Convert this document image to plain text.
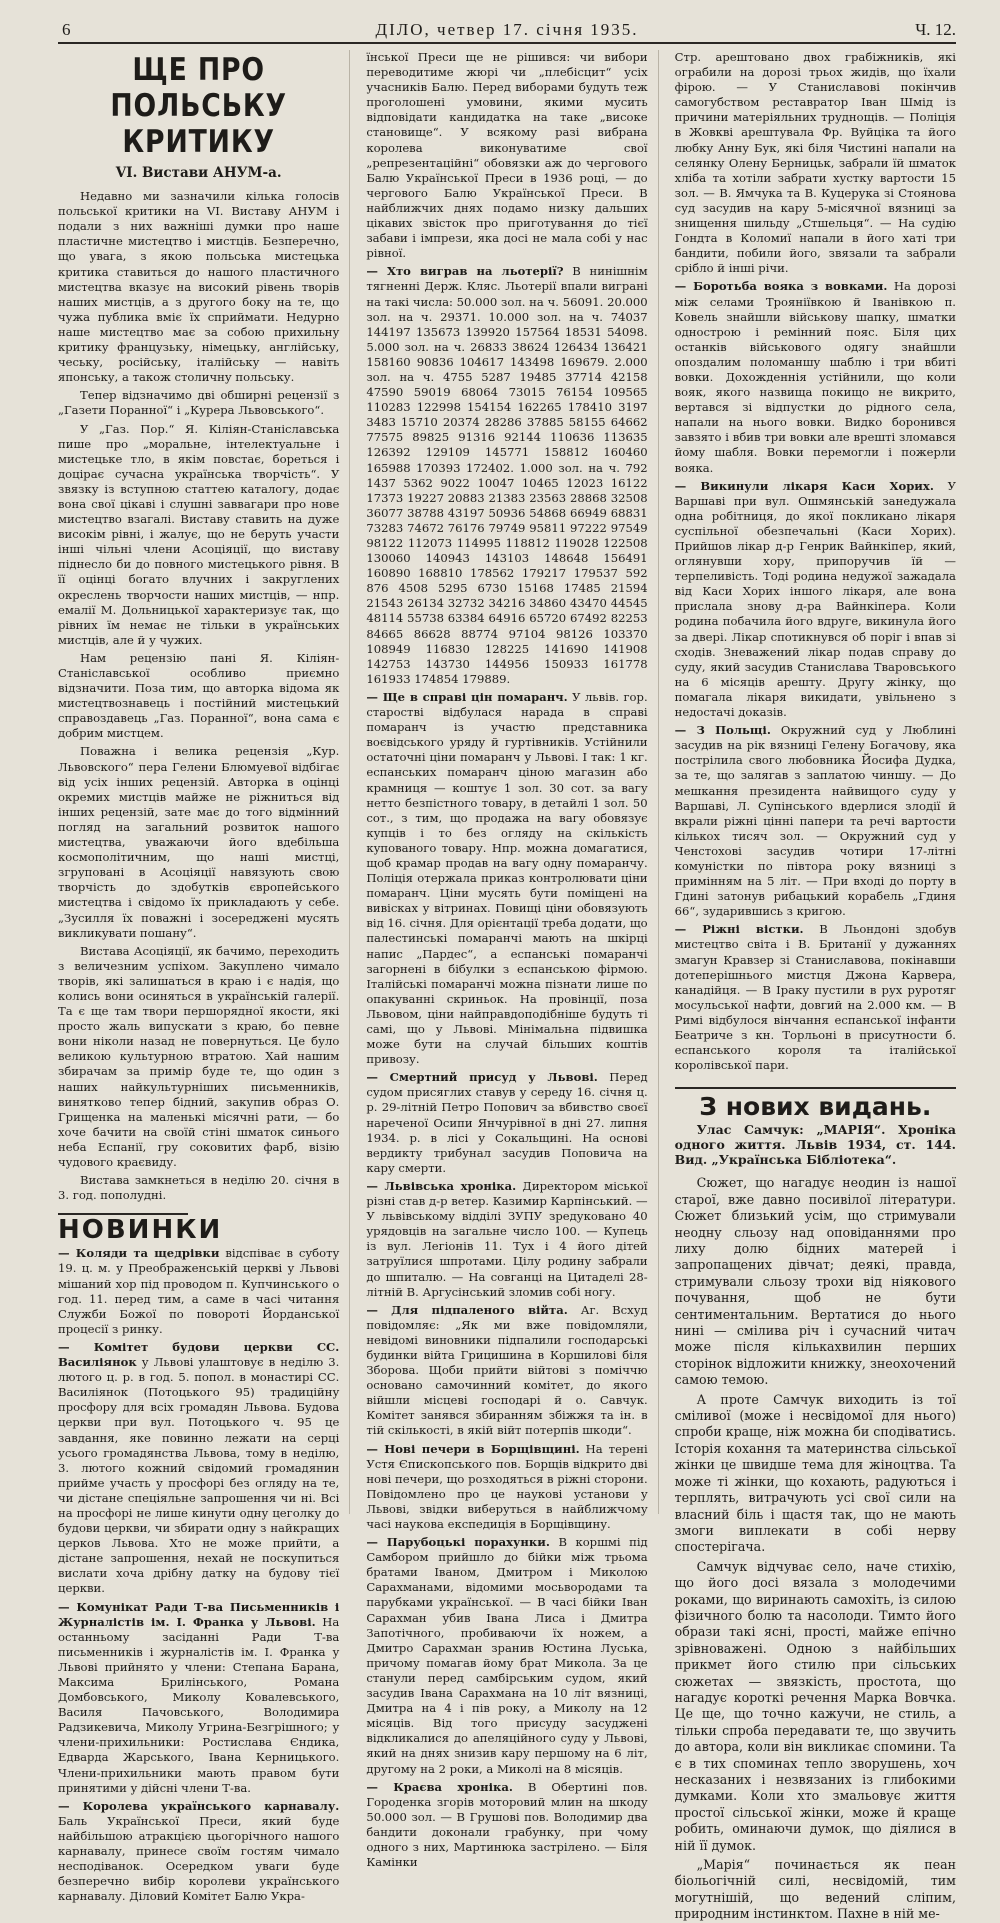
6	ДІЛО, четвер 17. січня 1935.	Ч. 12.
ЩЕ ПРО ПОЛЬСЬКУ КРИТИКУ
VI. Вистави АНУМ-а.

Недавно ми зазначили кілька голосів польської критики на VI. Виставу АНУМ і подали з них важніші думки про наше пластичне мистецтво і мистців. Безперечно, що увага, з якою польська мистецька критика ставиться до нашого пластичного мистецтва вказує на високий рівень творів наших мистців, а з другого боку на те, що чужа публика вміє їх сприймати. Недурно наше мистецтво має за собою прихильну критику французьку, німецьку, англійську, чеську, російську, італійську — навіть японську, а також столичну польську.

Тепер відзначимо дві обширні рецензії з „Газети Поранної“ і „Курера Львовського“.

У „Газ. Пор.“ Я. Кіліян-Станіславська пише про „моральне, інтелектуальне і мистецьке тло, в якім повстає, бореться і доцірає сучасна українська творчість“. У звязку із вступною статтею каталогу, додає вона свої цікаві і слушні заввагари про нове мистецтво взагалі. Виставу ставить на дуже високім рівні, і жалує, що не беруть участи інші чільні члени Асоціяції, що виставу піднесло би до повного мистецького рівня. В її оцінці богато влучних і закруглених окреслень творчости наших мистців, — нпр. емалії М. Дольницької характеризує так, що рівних їм немає не тільки в українських мистців, але й у чужих.

Нам рецензію пані Я. Кіліян-Станіславської особливо приємно відзначити. Поза тим, що авторка відома як мистецтвознавець і постійний мистецький справоздавець „Газ. Поранної“, вона сама є добрим мистцем.

Поважна і велика рецензія „Кур. Львовского“ пера Гелени Блюмуевої відбігає від усіх інших рецензій. Авторка в оцінці окремих мистців майже не ріжниться від інших рецензій, зате має до того відмінний погляд на загальний розвиток нашого мистецтва, уважаючи його вдебільша космополітичним, що наші мистці, згруповані в Асоціяції навязують свою творчість до здобутків європейського мистецтва і свідомо їх прикладають у себе. „Зусилля їх поважні і зосереджені мусять викликувати пошану“.

Вистава Асоціяції, як бачимо, переходить з величезним успіхом. Закуплено чимало творів, які залишаться в краю і є надія, що колись вони осиняться в українській галерії. Та є ще там твори першорядної якости, які просто жаль випускати з краю, бо певне вони ніколи назад не повернуться. Це було великою культурною втратою. Хай нашим збирачам за примір буде те, що один з наших найкультурніших письменників, винятково тепер бідний, закупив образ О. Грищенка на маленькі місячні рати, — бо хоче бачити на своїй стіні шматок синього неба Еспанії, гру соковитих фарб, візію чудового краєвиду.

Вистава замкнеться в неділю 20. січня в 3. год. пополудні.

НОВИНКИ

— Коляди та щедрівки відспіває в суботу 19. ц. м. у Преображенській церкві у Львові мішаний хор під проводом п. Купчинського о год. 11. перед тим, а саме в часі читання Служби Божої по повороті Йорданської процесії з ринку.

— Комітет будови церкви СС. Василіянок у Львові улаштовує в неділю 3. лютого ц. р. в год. 5. попол. в монастирі СС. Василіянок (Потоцького 95) традиційну просфору для всіх громадян Львова. Будова церкви при вул. Потоцького ч. 95 це завдання, яке повинно лежати на серці усього громадянства Львова, тому в неділю, 3. лютого кожний свідомий громадянин прийме участь у просфорі без огляду на те, чи дістане спеціяльне запрошення чи ні. Всі на просфорі не лише кинути одну цеголку до будови церкви, чи збирати одну з найкращих церков Львова. Хто не може прийти, а дістане запрошення, нехай не поскупиться вислати хоча дрібну датку на будову тієї церкви.

— Комунікат Ради Т-ва Письменників і Журналістів ім. І. Франка у Львові. На останньому засіданні Ради Т-ва письменників і журналістів ім. І. Франка у Львові прийнято у члени: Степана Барана, Максима Брилінського, Романа Домбовського, Миколу Ковалевського, Василя Пачовського, Володимира Радзикевича, Миколу Угрина-Безгрішного; у члени-прихильники: Ростислава Єндика, Едварда Жарського, Івана Керницького. Члени-прихильники мають правом бути принятими у дійсні члени Т-ва.

— Королева українського карнавалу. Баль Української Преси, який буде найбільшою атракцією цьогорічного нашого карнавалу, принесе своїм гостям чимало несподіванок. Осередком уваги буде безперечно вибір королеви українського карнавалу. Діловий Комітет Балю Укра-

їнської Преси ще не рішився: чи вибори переводитиме жюрі чи „плебісцит“ усіх учасників Балю. Перед виборами будуть теж проголошені умовини, якими мусить відповідати кандидатка на таке „високе становище“. У всякому разі вибрана королева виконуватиме свої „репрезентаційні“ обовязки аж до чергового Балю Української Преси в 1936 році, — до чергового Балю Української Преси. В найближчих днях подамо низку дальших цікавих звісток про приготування до тієї забави і імпрези, яка досі не мала собі у нас рівної.

— Хто виграв на льотерії? В нинішнім тягненні Держ. Кляс. Льотерії впали виграні на такі числа: 50.000 зол. на ч. 56091. 20.000 зол. на ч. 29371. 10.000 зол. на ч. 74037 144197 135673 139920 157564 18531 54098. 5.000 зол. на ч. 26833 38624 126434 136421 158160 90836 104617 143498 169679. 2.000 зол. на ч. 4755 5287 19485 37714 42158 47590 59019 68064 73015 76154 109565 110283 122998 154154 162265 178410 3197 3483 15710 20374 28286 37885 58155 64662 77575 89825 91316 92144 110636 113635 126392 129109 145771 158812 160460 165988 170393 172402. 1.000 зол. на ч. 792 1437 5362 9022 10047 10465 12023 16122 17373 19227 20883 21383 23563 28868 32508 36077 38788 43197 50936 54868 66949 68831 73283 74672 76176 79749 95811 97222 97549 98122 112073 114995 118812 119028 122508 130060 140943 143103 148648 156491 160890 168810 178562 179217 179537 592 876 4508 5295 6730 15168 17485 21594 21543 26134 32732 34216 34860 43470 44545 48114 55738 63384 64916 65720 67492 82253 84665 86628 88774 97104 98126 103370 108949 116830 128225 141690 141908 142753 143730 144956 150933 161778 161933 174854 179889.

— Ще в справі цін помаранч. У львів. гор. старостві відбулася нарада в справі помаранч із участю представника воєвідського уряду й гуртівників. Устійнили остаточні ціни помаранч у Львові. І так: 1 кг. еспанських помаранч ціною магазин або крамниця — коштує 1 зол. 30 сот. за вагу нетто безпістного товару, в детайлі 1 зол. 50 сот., з тим, що продажа на вагу обовязує купців і то без огляду на скількість купованого товару. Нпр. можна домагатися, щоб крамар продав на вагу одну помаранчу. Поліція отержала приказ контролювати ціни помаранч. Ціни мусять бути поміщені на вивісках у вітринах. Повищі ціни обовязують від 16. січня. Для орієнтації треба додати, що палестинські помаранчі мають на шкірці напис „Пардес“, а еспанські помаранчі загорнені в бібулки з еспанською фірмою. Італійські помаранчі можна пізнати лише по опакуванні скриньок. На провінції, поза Львовом, ціни найправдоподібніше будуть ті самі, що у Львові. Мінімальна підвишка може бути на случай більших коштів привозу.

— Смертний присуд у Львові. Перед судом присяглих ставув у середу 16. січня ц. р. 29-літній Петро Попович за вбивство своєї нареченої Осипи Янчурівної в дні 27. липня 1934. р. в лісі у Сокальщині. На основі вердикту трибунал засудив Поповича на кару смерти.

— Львівська хроніка. Директором міської різні став д-р ветер. Казимир Карпінський. — У львівському відділі ЗУПУ зредуковано 40 урядовців на загальне число 100. — Купець із вул. Легіонів 11. Тух і 4 його дітей затруїлися шпротами. Цілу родину забрали до шпиталю. — На совганці на Цитаделі 28-літній В. Аргусінський зломив собі ногу.

— Для підпаленого війта. Аг. Всхуд повідомляє: „Як ми вже повідомляли, невідомі виновники підпалили господарські будинки війта Грицишина в Коршилові біля Зборова. Щоби прийти війтові з поміччю основано самочинний комітет, до якого війшли місцеві господарі й о. Савчук. Комітет занявся збиранням збіжжя та ін. в тій скількості, в якій війт потерпів шкоди“.

— Нові печери в Борщівщині. На терені Устя Єпископського пов. Борщів відкрито дві нові печери, що розходяться в ріжні сторони. Повідомлено про це наукові установи у Львові, звідки виберуться в найближчому часі наукова експедиція в Борщівщину.

— Парубоцькі порахунки. В коршмі під Самбором прийшло до бійки між трьома братами Іваном, Дмитром і Миколою Сарахманами, відомими мосьвородами та парубками української. — В часі бійки Іван Сарахман убив Івана Лиса і Дмитра Запотічного, пробиваючи їх ножем, а Дмитро Сарахман зранив Юстина Луська, причому помагав йому брат Микола. За це станули перед самбірським судом, який засудив Івана Сарахмана на 10 літ вязниці, Дмитра на 4 і пів року, а Миколу на 12 місяців. Від того присуду засуджені відкликалися до апеляційного суду у Львові, який на днях знизив кару першому на 6 літ, другому на 2 роки, а Миколі на 8 місяців.

— Краєва хроніка. В Обертині пов. Городенка згорів моторовий млин на шкоду 50.000 зол. — В Грушові пов. Володимир два бандити доконали грабунку, при чому одного з них, Мартинюка застрілено. — Біля Камінки

Стр. арештовано двох грабіжників, які ограбили на дорозі трьох жидів, що їхали фірою. — У Станиславові покінчив самогубством реставратор Іван Шмід із причини матеріяльних труднощів. — Поліція в Жовкві арештувала Фр. Вуйціка та його любку Анну Бук, які біля Чистині напали на селянку Олену Берницьк, забрали їй шматок хліба та хотіли забрати хустку вартости 15 зол. — В. Ямчука та В. Куцерука зі Стоянова суд засудив на кару 5-місячної вязниці за знищення шильду „Стшельця“. — На судію Гондта в Коломиї напали в його хаті три бандити, побили його, звязали та забрали срібло й інші річи.

— Боротьба вояка з вовками. На дорозі між селами Трояніївкою й Іванівкою п. Ковель знайшли військову шапку, шматки однострою і ремінний пояс. Біля цих останків військового одягу знайшли опоздалим поломаншу шаблю і три вбиті вовки. Дохожденнія устійнили, що коли вояк, якого назвища покищо не викрито, вертався зі відпустки до рідного села, напали на нього вовки. Видко боронився завзято і вбив три вовки але врешті зломався йому шабля. Вовки перемогли і пожерли вояка.

— Викинули лікаря Каси Хорих. У Варшаві при вул. Ошмянській занедужала одна робітниця, до якої покликано лікаря суспільної обезпечальні (Каси Хорих). Прийшов лікар д-р Генрик Вайнкіпер, який, оглянувши хору, припоручив їй — терпеливість. Тоді родина недужої зажадала від Каси Хорих іншого лікаря, але вона прислала знову д-ра Вайнкіпера. Коли родина побачила його вдруге, викинула його за двері. Лікар спотикнувся об поріг і впав зі сходів. Зневажений лікар подав справу до суду, який засудив Станислава Тваровського на 6 місяців арешту. Другу жінку, що помагала лікаря викидати, увільнено з недостачі доказів.

— З Польщі. Окружний суд у Люблині засудив на рік вязниці Гелену Богачову, яка пострілила свого любовника Йосифа Дудка, за те, що залягав з заплатою чиншу. — До мешкання президента найвищого суду у Варшаві, Л. Супінського вдерлися злодії й вкрали ріжні цінні папери та речі вартости кількох тисяч зол. — Окружний суд у Ченстохові засудив чотири 17-літні комуністки по півтора року вязниці з примінням на 5 літ. — При вході до порту в Гдині затонув рибацький корабель „Гдиня 66“, зударившись з кригою.

— Ріжні вістки. В Льондоні здобув мистецтво світа і В. Британії у дужаннях змагун Кравзер зі Станиславова, покінавши дотеперішнього мистця Джона Карвера, канадійця. — В Іраку пустили в рух руротяг мосульської нафти, довгий на 2.000 км. — В Римі відбулося вінчання еспанської інфанти Беатриче з кн. Торльоні в присутности б. еспанського короля та італійської королівської пари.

З нових видань.
Улас Самчук: „МАРІЯ“. Хроніка одного життя. Львів 1934, ст. 144. Вид. „Українська Бібліотека“.

Сюжет, що нагадує неодин із нашої старої, вже давно посивілої літератури. Сюжет близький усім, що стримували неодну сльозу над оповіданнями про лиху долю бідних матерей і запропащених дівчат; деякі, правда, стримували сльозу трохи від ніякового почування, щоб не бути сентиментальним. Вертатися до нього нині — смілива річ і сучасний читач може після кількахвилин перших сторінок відложити книжку, знеохочений самою темою.

А проте Самчук виходить із тої сміливої (може і несвідомої для нього) спроби краще, ніж можна би сподіватись. Історія кохання та материнства сільської жінки це швидше тема для жіноцтва. Та може ті жінки, що кохають, радуються і терплять, витрачують усі свої сили на власний біль і щастя так, що не мають змоги виплекати в собі нерву спостерігача.

Самчук відчуває село, наче стихію, що його досі вязала з молодечими роками, що виринають самохіть, із силою фізичного болю та насолоди. Тимто його образи такі ясні, прості, майже епічно зрівноважені. Одною з найбільших прикмет його стилю при сільських сюжетах — звязкість, простота, що нагадує короткі речення Марка Вовчка. Це ще, що точно кажучи, не стиль, а тільки спроба передавати те, що звучить до автора, коли він викликає спомини. Та є в тих споминах тепло зворушень, хоч несказаних і незвязаних із глибокими думками. Коли хто змальовує життя простої сільської жінки, може й краще робить, оминаючи думок, що діялися в ній її думок.

„Марія“ починається як пеан біольогічній силі, несвідомій, тим могутнішій, що ведений сліпим, природним інстинктом. Пахне в ній ме-
